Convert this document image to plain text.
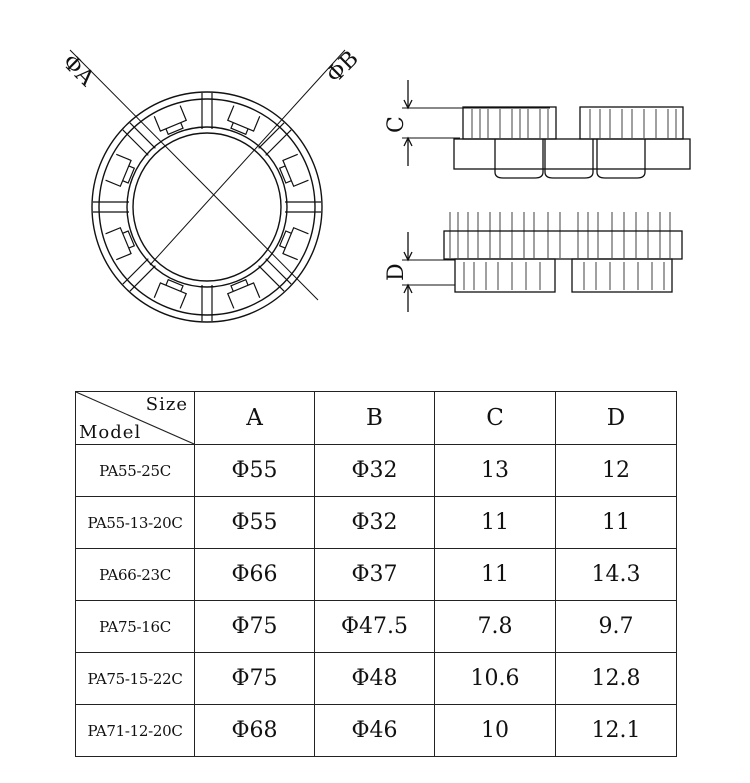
ΦA	ΦB
C
D
Size
Model	A	B	C	D
PA55-25C	Φ55	Φ32	13	12
PA55-13-20C	Φ55	Φ32	11	11
PA66-23C	Φ66	Φ37	11	14.3
PA75-16C	Φ75	Φ47.5	7.8	9.7
PA75-15-22C	Φ75	Φ48	10.6	12.8
PA71-12-20C	Φ68	Φ46	10	12.1
